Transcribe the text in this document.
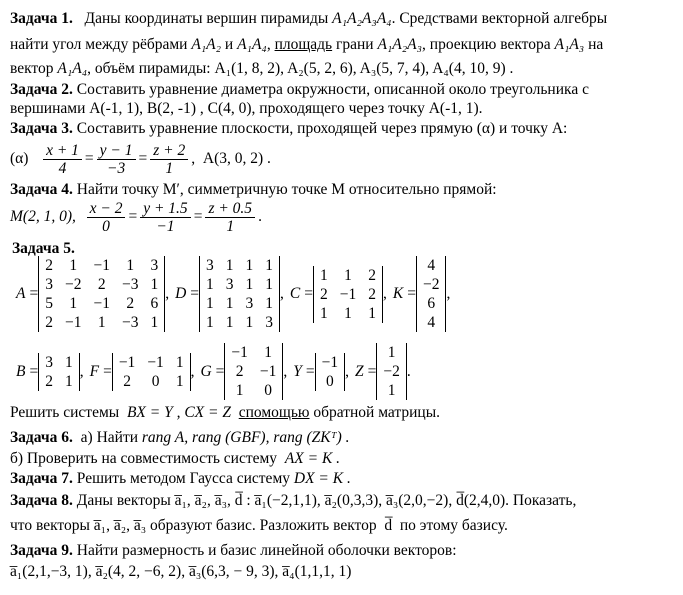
Задача 1. Даны координаты вершин пирамиды A₁A₂A₃A₄. Средствами векторной алгебры
найти угол между рёбрами A₁A₂ и A₁A₄, площадь грани A₁A₂A₃, проекцию вектора A₁A₃ на
вектор A₁A₄, объём пирамиды: A₁(1, 8, 2), A₂(5, 2, 6), A₃(5, 7, 4), A₄(4, 10, 9) .
Задача 2. Составить уравнение диаметра окружности, описанной около треугольника с
вершинами A(-1, 1), B(2, -1) , C(4, 0), проходящего через точку A(-1, 1).
Задача 3. Составить уравнение плоскости, проходящей через прямую (α) и точку А:
$(\alpha) \frac{x + 1}{4} = \frac{y - 1}{-3} = \frac{z + 2}{1}$ ,  A(3, 0, 2) .
Задача 4. Найти точку M′, симметричную точке M относительно прямой:
M(2, 1, 0), $\frac{x - 2}{0} = \frac{y + 1.5}{-1} = \frac{z + 0.5}{1}$ .
Задача 5.
A =
2	1	−1	1	3
3	−2	2	−3	1
5	1	−1	2	6
2	−1	1	−3	1
, D =
3	1	1	1
1	3	1	1
1	1	3	1
1	1	1	3
, C =
1	1	2
2	−1	2
1	1	1
, K =
4
−2
6
4
,
B =
3	1
2	1
, F =
−1	−1	1
2	0	1
, G =
−1	1
2	−1
1	0
, Y =
−1
0
, Z =
1
−2
1
.
Решить системы BX = Y , CX = Z спомощью обратной матрицы.
Задача 6. а) Найти rang A, rang (GBF), rang (ZKᵀ) .
б) Проверить на совместимость систему AX = K .
Задача 7. Решить методом Гаусса систему DX = K .
Задача 8. Даны векторы a̅₁, a̅₂, a̅₃, d̅ : a̅₁(−2,1,1), a̅₂(0,3,3), a̅₃(2,0,−2), d̅(2,4,0). Показать,
что векторы a̅₁, a̅₂, a̅₃ образуют базис. Разложить вектор d̅ по этому базису.
Задача 9. Найти размерность и базис линейной оболочки векторов:
a̅₁(2,1,−3, 1), a̅₂(4, 2, −6, 2), a̅₃(6,3, − 9, 3), a̅₄(1,1,1, 1)
